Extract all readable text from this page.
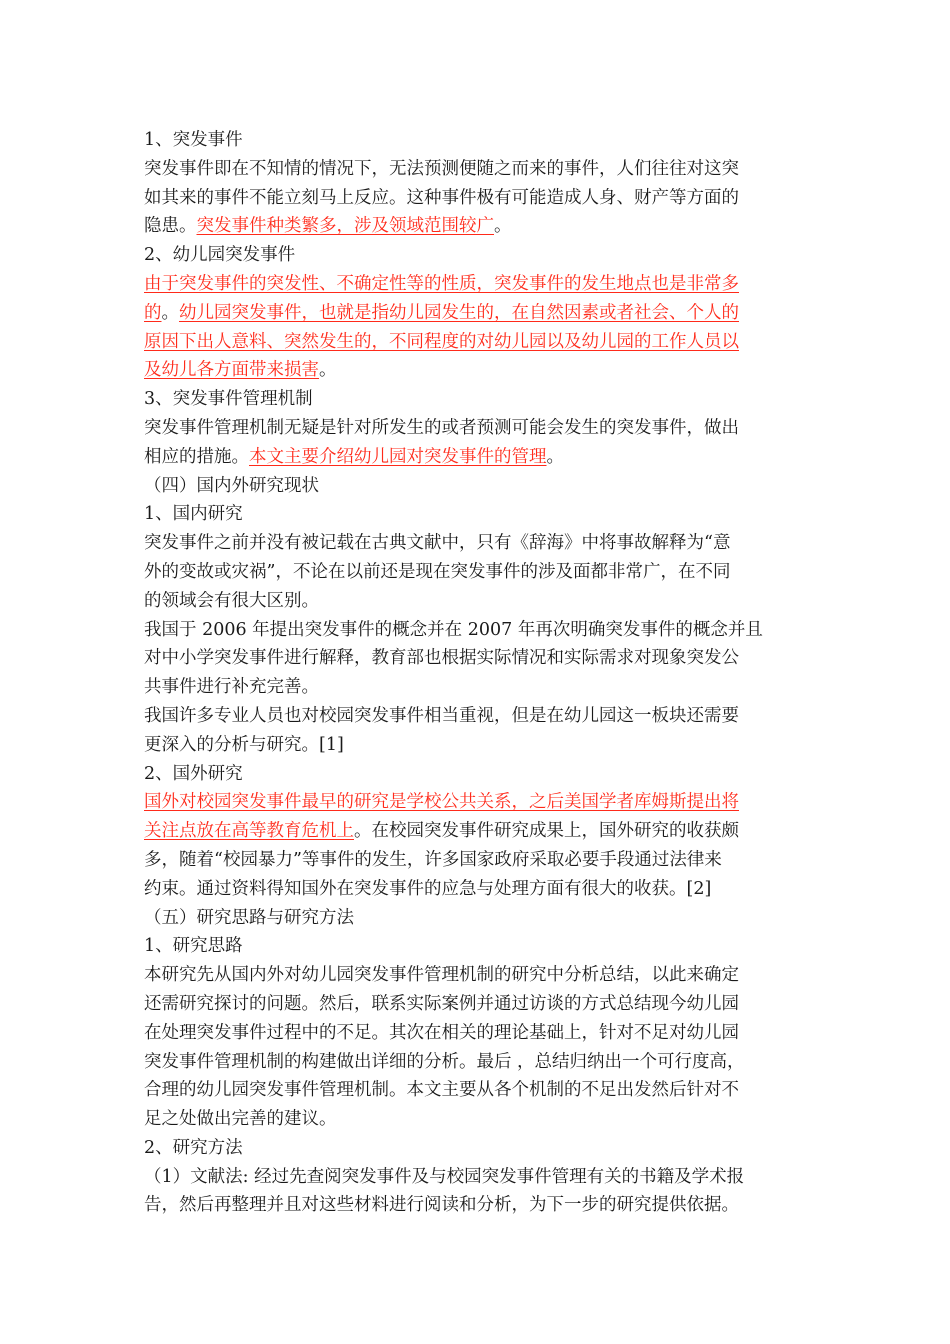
1、突发事件
突发事件即在不知情的情况下，无法预测便随之而来的事件，人们往往对这突
如其来的事件不能立刻马上反应。这种事件极有可能造成人身、财产等方面的
隐患。突发事件种类繁多，涉及领域范围较广。
2、幼儿园突发事件
由于突发事件的突发性、不确定性等的性质，突发事件的发生地点也是非常多
的。幼儿园突发事件，也就是指幼儿园发生的，在自然因素或者社会、个人的
原因下出人意料、突然发生的，不同程度的对幼儿园以及幼儿园的工作人员以
及幼儿各方面带来损害。
3、突发事件管理机制
突发事件管理机制无疑是针对所发生的或者预测可能会发生的突发事件，做出
相应的措施。本文主要介绍幼儿园对突发事件的管理。
（四）国内外研究现状
1、国内研究
突发事件之前并没有被记载在古典文献中，只有《辞海》中将事故解释为“意
外的变故或灾祸”，不论在以前还是现在突发事件的涉及面都非常广，在不同
的领域会有很大区别。
我国于 2006 年提出突发事件的概念并在 2007 年再次明确突发事件的概念并且
对中小学突发事件进行解释，教育部也根据实际情况和实际需求对现象突发公
共事件进行补充完善。
我国许多专业人员也对校园突发事件相当重视，但是在幼儿园这一板块还需要
更深入的分析与研究。[1]
2、国外研究
国外对校园突发事件最早的研究是学校公共关系，之后美国学者库姆斯提出将
关注点放在高等教育危机上。在校园突发事件研究成果上，国外研究的收获颇
多，随着“校园暴力”等事件的发生，许多国家政府采取必要手段通过法律来
约束。通过资料得知国外在突发事件的应急与处理方面有很大的收获。[2]
（五）研究思路与研究方法
1、研究思路
本研究先从国内外对幼儿园突发事件管理机制的研究中分析总结，以此来确定
还需研究探讨的问题。然后，联系实际案例并通过访谈的方式总结现今幼儿园
在处理突发事件过程中的不足。其次在相关的理论基础上，针对不足对幼儿园
突发事件管理机制的构建做出详细的分析。最后 ，总结归纳出一个可行度高，
合理的幼儿园突发事件管理机制。本文主要从各个机制的不足出发然后针对不
足之处做出完善的建议。
2、研究方法
（1）文献法: 经过先查阅突发事件及与校园突发事件管理有关的书籍及学术报
告，然后再整理并且对这些材料进行阅读和分析，为下一步的研究提供依据。
